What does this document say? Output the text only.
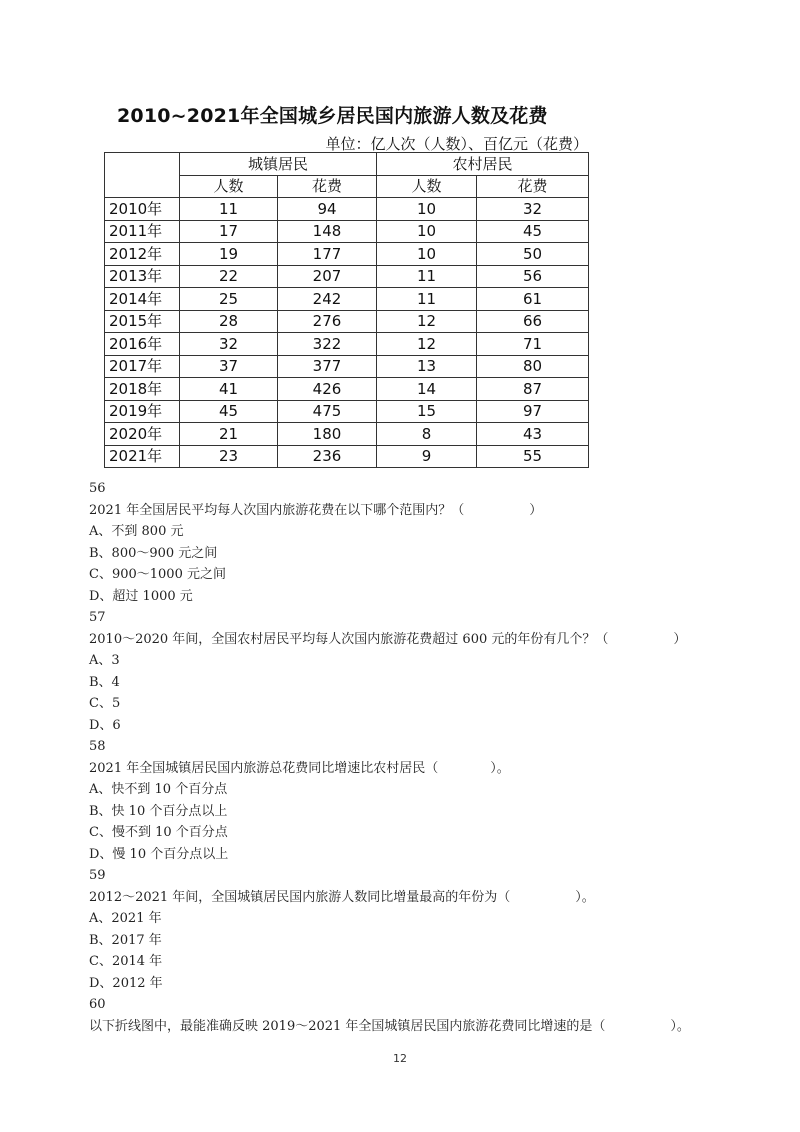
2010~2021年全国城乡居民国内旅游人数及花费
单位：亿人次（人数）、百亿元（花费）
	城镇居民		农村居民	
	人数	花费	人数	花费
2010年	11	94	10	32
2011年	17	148	10	45
2012年	19	177	10	50
2013年	22	207	11	56
2014年	25	242	11	61
2015年	28	276	12	66
2016年	32	322	12	71
2017年	37	377	13	80
2018年	41	426	14	87
2019年	45	475	15	97
2020年	21	180	8	43
2021年	23	236	9	55
56
2021 年全国居民平均每人次国内旅游花费在以下哪个范围内？（　　　　　）
A、不到 800 元
B、800～900 元之间
C、900～1000 元之间
D、超过 1000 元
57
2010～2020 年间，全国农村居民平均每人次国内旅游花费超过 600 元的年份有几个？（　　　　　）
A、3
B、4
C、5
D、6
58
2021 年全国城镇居民国内旅游总花费同比增速比农村居民（　　　　）。
A、快不到 10 个百分点
B、快 10 个百分点以上
C、慢不到 10 个百分点
D、慢 10 个百分点以上
59
2012～2021 年间，全国城镇居民国内旅游人数同比增量最高的年份为（　　　　　）。
A、2021 年
B、2017 年
C、2014 年
D、2012 年
60
以下折线图中，最能准确反映 2019～2021 年全国城镇居民国内旅游花费同比增速的是（　　　　　）。
12
